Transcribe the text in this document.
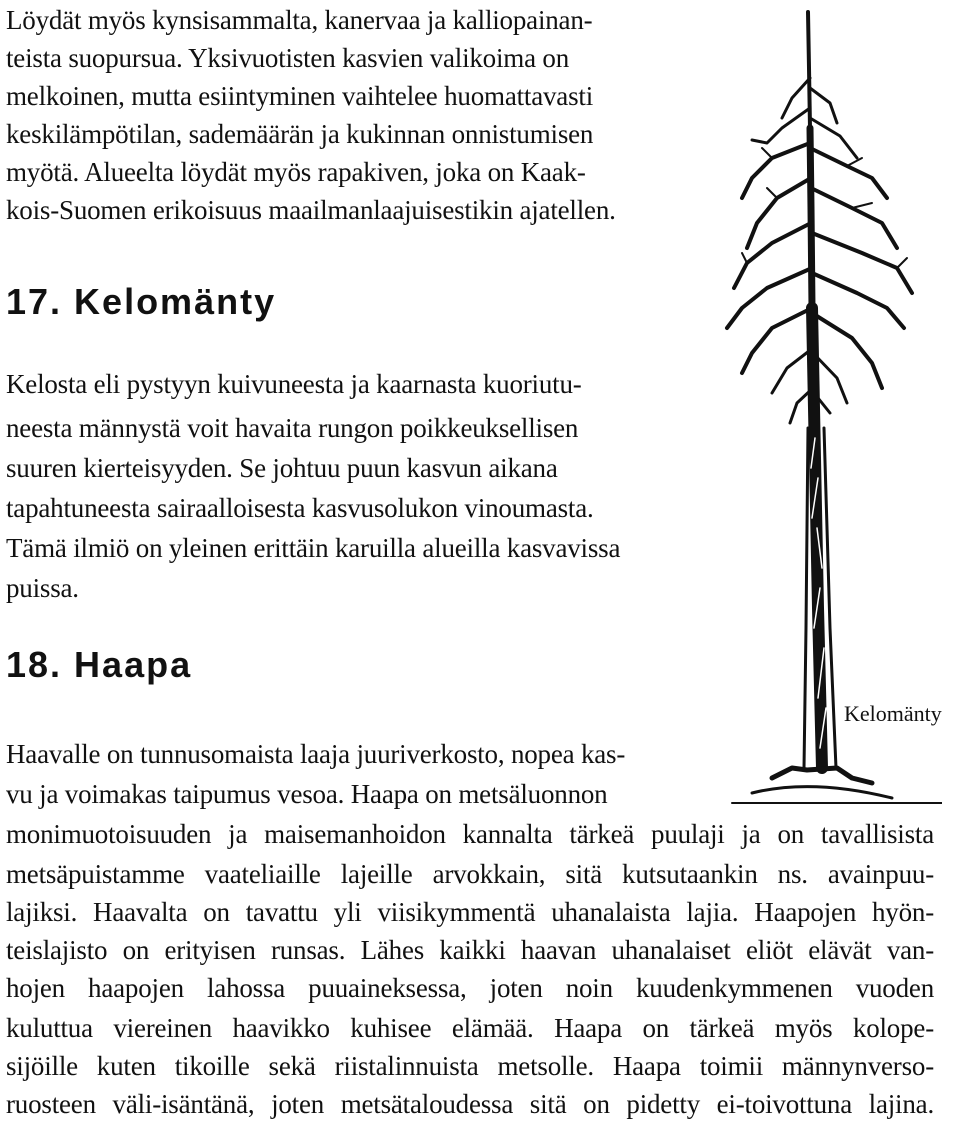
Löydät myös kynsisammalta, kanervaa ja kalliopainan-
teista suopursua. Yksivuotisten kasvien valikoima on
melkoinen, mutta esiintyminen vaihtelee huomattavasti
keskilämpötilan, sademäärän ja kukinnan onnistumisen
myötä. Alueelta löydät myös rapakiven, joka on Kaak-
kois-Suomen erikoisuus maailmanlaajuisestikin ajatellen.
17. Kelomänty
Kelosta eli pystyyn kuivuneesta ja kaarnasta kuoriutu-
neesta männystä voit havaita rungon poikkeuksellisen
suuren kierteisyyden. Se johtuu puun kasvun aikana
tapahtuneesta sairaalloisesta kasvusolukon vinoumasta.
Tämä ilmiö on yleinen erittäin karuilla alueilla kasvavissa
puissa.
18. Haapa
Haavalle on tunnusomaista laaja juuriverkosto, nopea kas-
vu ja voimakas taipumus vesoa. Haapa on metsäluonnon
monimuotoisuuden ja maisemanhoidon kannalta tärkeä puulaji ja on tavallisista
metsäpuistamme vaateliaille lajeille arvokkain, sitä kutsutaankin ns. avainpuu-
lajiksi. Haavalta on tavattu yli viisikymmentä uhanalaista lajia. Haapojen hyön-
teislajisto on erityisen runsas. Lähes kaikki haavan uhanalaiset eliöt elävät van-
hojen haapojen lahossa puuaineksessa, joten noin kuudenkymmenen vuoden
kuluttua viereinen haavikko kuhisee elämää. Haapa on tärkeä myös kolope-
sijöille kuten tikoille sekä riistalinnuista metsolle. Haapa toimii männynverso-
ruosteen väli-isäntänä, joten metsätaloudessa sitä on pidetty ei-toivottuna lajina.
Kelomänty
